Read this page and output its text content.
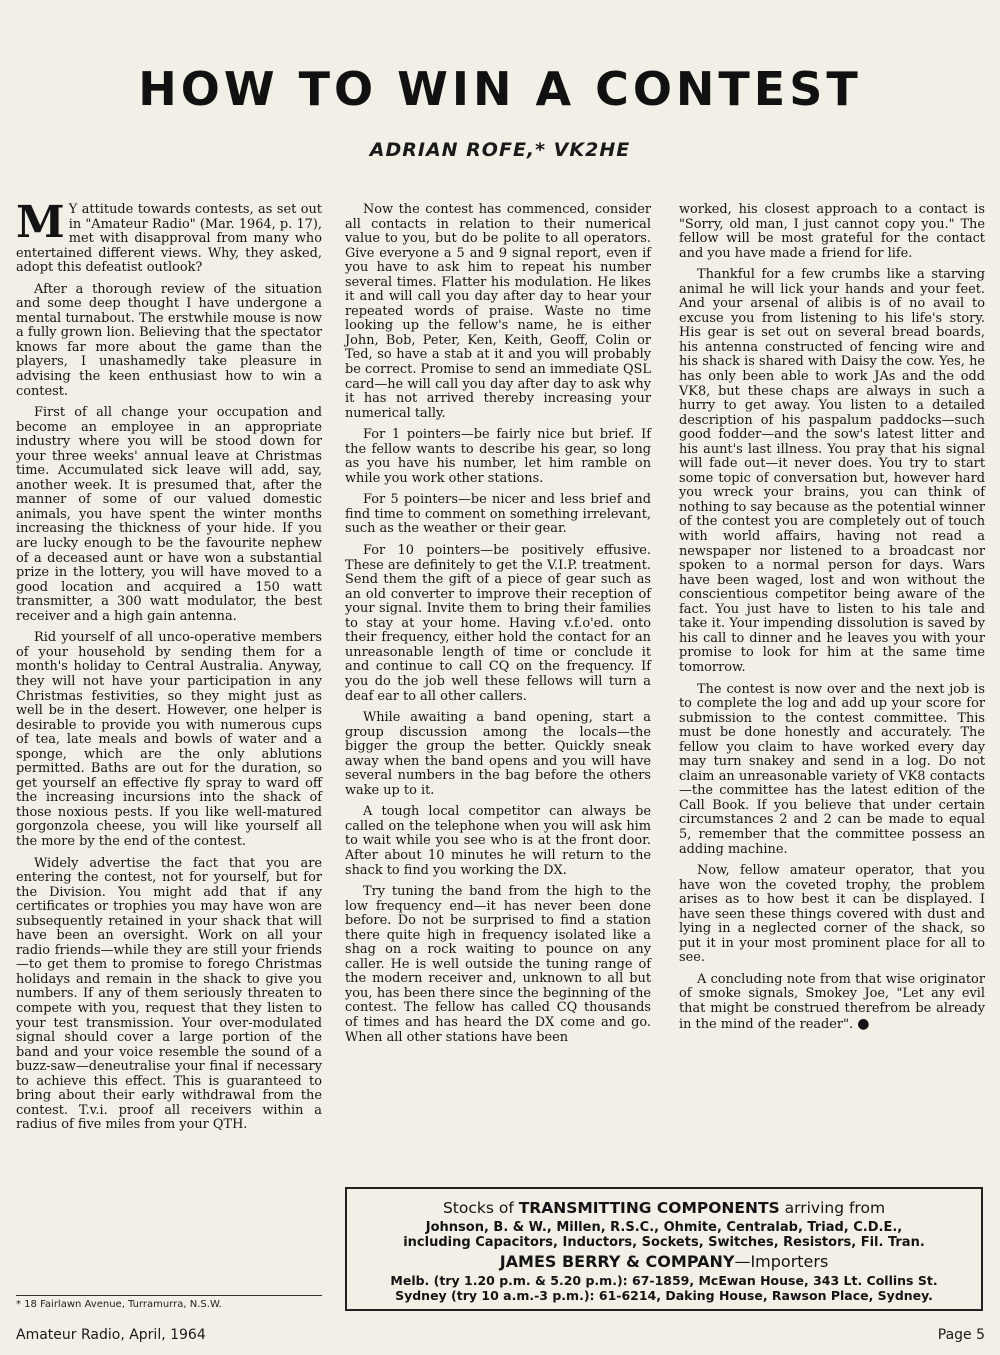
HOW TO WIN A CONTEST
ADRIAN ROFE,* VK2HE

M Y attitude towards contests, as set out in "Amateur Radio" (Mar. 1964, p. 17), met with disapproval from many who entertained different views. Why, they asked, adopt this defeatist outlook?

After a thorough review of the situation and some deep thought I have undergone a mental turnabout. The erstwhile mouse is now a fully grown lion. Believing that the spectator knows far more about the game than the players, I unashamedly take pleasure in advising the keen enthusiast how to win a contest.

First of all change your occupation and become an employee in an appropriate industry where you will be stood down for your three weeks' annual leave at Christmas time. Accumulated sick leave will add, say, another week. It is presumed that, after the manner of some of our valued domestic animals, you have spent the winter months increasing the thickness of your hide. If you are lucky enough to be the favourite nephew of a deceased aunt or have won a substantial prize in the lottery, you will have moved to a good location and acquired a 150 watt transmitter, a 300 watt modulator, the best receiver and a high gain antenna.

Rid yourself of all unco-operative members of your household by sending them for a month's holiday to Central Australia. Anyway, they will not have your participation in any Christmas festivities, so they might just as well be in the desert. However, one helper is desirable to provide you with numerous cups of tea, late meals and bowls of water and a sponge, which are the only ablutions permitted. Baths are out for the duration, so get yourself an effective fly spray to ward off the increasing incursions into the shack of those noxious pests. If you like well-matured gorgonzola cheese, you will like yourself all the more by the end of the contest.

Widely advertise the fact that you are entering the contest, not for yourself, but for the Division. You might add that if any certificates or trophies you may have won are subsequently retained in your shack that will have been an oversight. Work on all your radio friends—while they are still your friends—to get them to promise to forego Christmas holidays and remain in the shack to give you numbers. If any of them seriously threaten to compete with you, request that they listen to your test transmission. Your over-modulated signal should cover a large portion of the band and your voice resemble the sound of a buzz-saw—deneutralise your final if necessary to achieve this effect. This is guaranteed to bring about their early withdrawal from the contest. T.v.i. proof all receivers within a radius of five miles from your QTH.

Now the contest has commenced, consider all contacts in relation to their numerical value to you, but do be polite to all operators. Give everyone a 5 and 9 signal report, even if you have to ask him to repeat his number several times. Flatter his modulation. He likes it and will call you day after day to hear your repeated words of praise. Waste no time looking up the fellow's name, he is either John, Bob, Peter, Ken, Keith, Geoff, Colin or Ted, so have a stab at it and you will probably be correct. Promise to send an immediate QSL card—he will call you day after day to ask why it has not arrived thereby increasing your numerical tally.

For 1 pointers—be fairly nice but brief. If the fellow wants to describe his gear, so long as you have his number, let him ramble on while you work other stations.

For 5 pointers—be nicer and less brief and find time to comment on something irrelevant, such as the weather or their gear.

For 10 pointers—be positively effusive. These are definitely to get the V.I.P. treatment. Send them the gift of a piece of gear such as an old converter to improve their reception of your signal. Invite them to bring their families to stay at your home. Having v.f.o'ed. onto their frequency, either hold the contact for an unreasonable length of time or conclude it and continue to call CQ on the frequency. If you do the job well these fellows will turn a deaf ear to all other callers.

While awaiting a band opening, start a group discussion among the locals—the bigger the group the better. Quickly sneak away when the band opens and you will have several numbers in the bag before the others wake up to it.

A tough local competitor can always be called on the telephone when you will ask him to wait while you see who is at the front door. After about 10 minutes he will return to the shack to find you working the DX.

Try tuning the band from the high to the low frequency end—it has never been done before. Do not be surprised to find a station there quite high in frequency isolated like a shag on a rock waiting to pounce on any caller. He is well outside the tuning range of the modern receiver and, unknown to all but you, has been there since the beginning of the contest. The fellow has called CQ thousands of times and has heard the DX come and go. When all other stations have been

worked, his closest approach to a contact is "Sorry, old man, I just cannot copy you." The fellow will be most grateful for the contact and you have made a friend for life.

Thankful for a few crumbs like a starving animal he will lick your hands and your feet. And your arsenal of alibis is of no avail to excuse you from listening to his life's story. His gear is set out on several bread boards, his antenna constructed of fencing wire and his shack is shared with Daisy the cow. Yes, he has only been able to work JAs and the odd VK8, but these chaps are always in such a hurry to get away. You listen to a detailed description of his paspalum paddocks—such good fodder—and the sow's latest litter and his aunt's last illness. You pray that his signal will fade out—it never does. You try to start some topic of conversation but, however hard you wreck your brains, you can think of nothing to say because as the potential winner of the contest you are completely out of touch with world affairs, having not read a newspaper nor listened to a broadcast nor spoken to a normal person for days. Wars have been waged, lost and won without the conscientious competitor being aware of the fact. You just have to listen to his tale and take it. Your impending dissolution is saved by his call to dinner and he leaves you with your promise to look for him at the same time tomorrow.

The contest is now over and the next job is to complete the log and add up your score for submission to the contest committee. This must be done honestly and accurately. The fellow you claim to have worked every day may turn snakey and send in a log. Do not claim an unreasonable variety of VK8 contacts—the committee has the latest edition of the Call Book. If you believe that under certain circumstances 2 and 2 can be made to equal 5, remember that the committee possess an adding machine.

Now, fellow amateur operator, that you have won the coveted trophy, the problem arises as to how best it can be displayed. I have seen these things covered with dust and lying in a neglected corner of the shack, so put it in your most prominent place for all to see.

A concluding note from that wise originator of smoke signals, Smokey Joe, "Let any evil that might be construed therefrom be already in the mind of the reader". ●

* 18 Fairlawn Avenue, Turramurra, N.S.W.
Stocks of TRANSMITTING COMPONENTS arriving from
Johnson, B. & W., Millen, R.S.C., Ohmite, Centralab, Triad, C.D.E.,
including Capacitors, Inductors, Sockets, Switches, Resistors, Fil. Tran.
JAMES BERRY & COMPANY—Importers
Melb. (try 1.20 p.m. & 5.20 p.m.): 67-1859, McEwan House, 343 Lt. Collins St.
Sydney (try 10 a.m.-3 p.m.): 61-6214, Daking House, Rawson Place, Sydney.
Amateur Radio, April, 1964	Page 5
